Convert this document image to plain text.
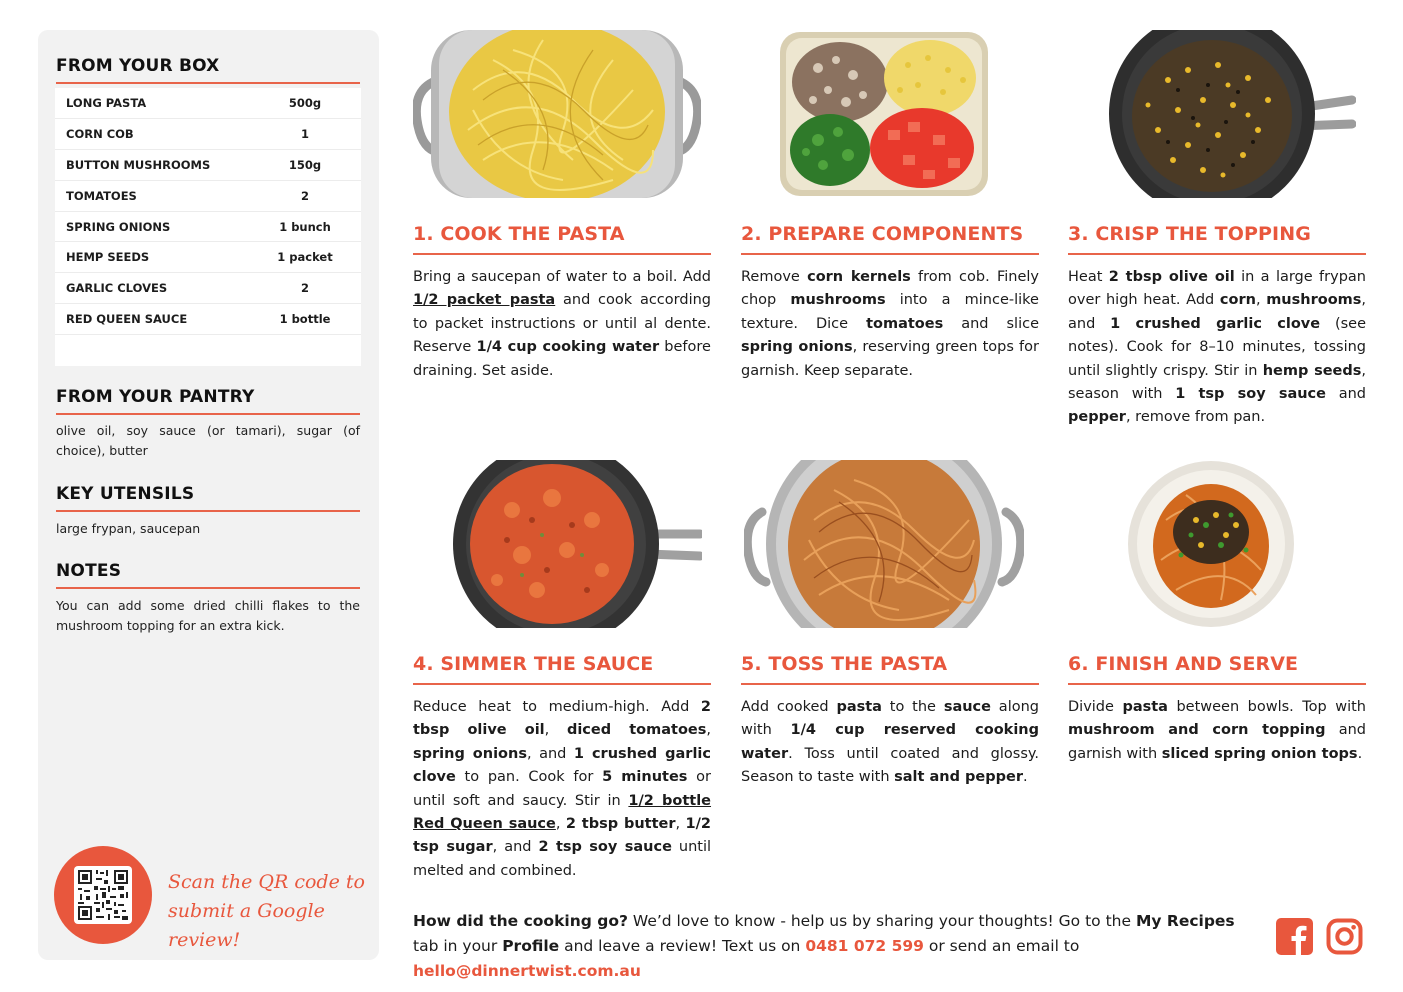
FROM YOUR BOX
LONG PASTA	500g
CORN COB	1
BUTTON MUSHROOMS	150g
TOMATOES	2
SPRING ONIONS	1 bunch
HEMP SEEDS	1 packet
GARLIC CLOVES	2
RED QUEEN SAUCE	1 bottle
FROM YOUR PANTRY
olive oil, soy sauce (or tamari), sugar (of choice), butter
KEY UTENSILS
large frypan, saucepan
NOTES
You can add some dried chilli flakes to the mushroom topping for an extra kick.
Scan the QR code to
submit a Google review!
1. COOK THE PASTA
Bring a saucepan of water to a boil. Add 1/2 packet pasta and cook according to packet instructions or until al dente. Reserve 1/4 cup cooking water before draining. Set aside.
2. PREPARE COMPONENTS
Remove corn kernels from cob. Finely chop mushrooms into a mince-like texture. Dice tomatoes and slice spring onions, reserving green tops for garnish. Keep separate.
3. CRISP THE TOPPING
Heat 2 tbsp olive oil in a large frypan over high heat. Add corn, mushrooms, and 1 crushed garlic clove (see notes). Cook for 8–10 minutes, tossing until slightly crispy. Stir in hemp seeds, season with 1 tsp soy sauce and pepper, remove from pan.
4. SIMMER THE SAUCE
Reduce heat to medium-high. Add 2 tbsp olive oil, diced tomatoes, spring onions, and 1 crushed garlic clove to pan. Cook for 5 minutes or until soft and saucy. Stir in 1/2 bottle Red Queen sauce, 2 tbsp butter, 1/2 tsp sugar, and 2 tsp soy sauce until melted and combined.
5. TOSS THE PASTA
Add cooked pasta to the sauce along with 1/4 cup reserved cooking water. Toss until coated and glossy. Season to taste with salt and pepper.
6. FINISH AND SERVE
Divide pasta between bowls. Top with mushroom and corn topping and garnish with sliced spring onion tops.
How did the cooking go? We’d love to know - help us by sharing your thoughts! Go to the My Recipes tab in your Profile and leave a review! Text us on 0481 072 599 or send an email to hello@dinnertwist.com.au
